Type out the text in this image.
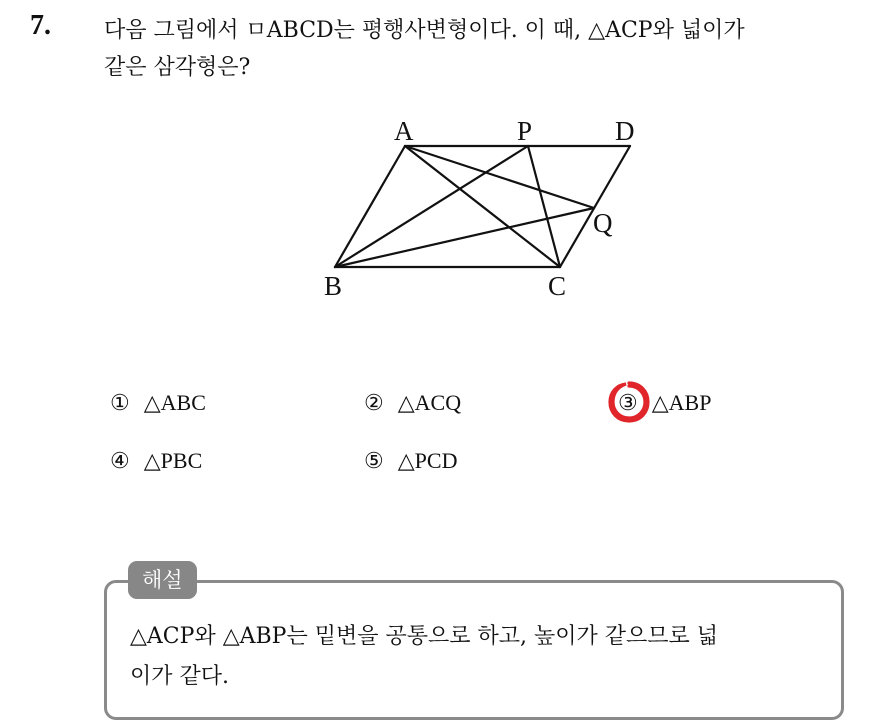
7. 다음 그림에서 ㅁABCD는 평행사변형이다. 이 때, △ACP와 넓이가
같은 삼각형은?
A	P	D
Q
B	C
① △ABC	② △ACQ	③ △ABP
④ △PBC	⑤ △PCD
해설
△ACP와 △ABP는 밑변을 공통으로 하고, 높이가 같으므로 넓
이가 같다.
